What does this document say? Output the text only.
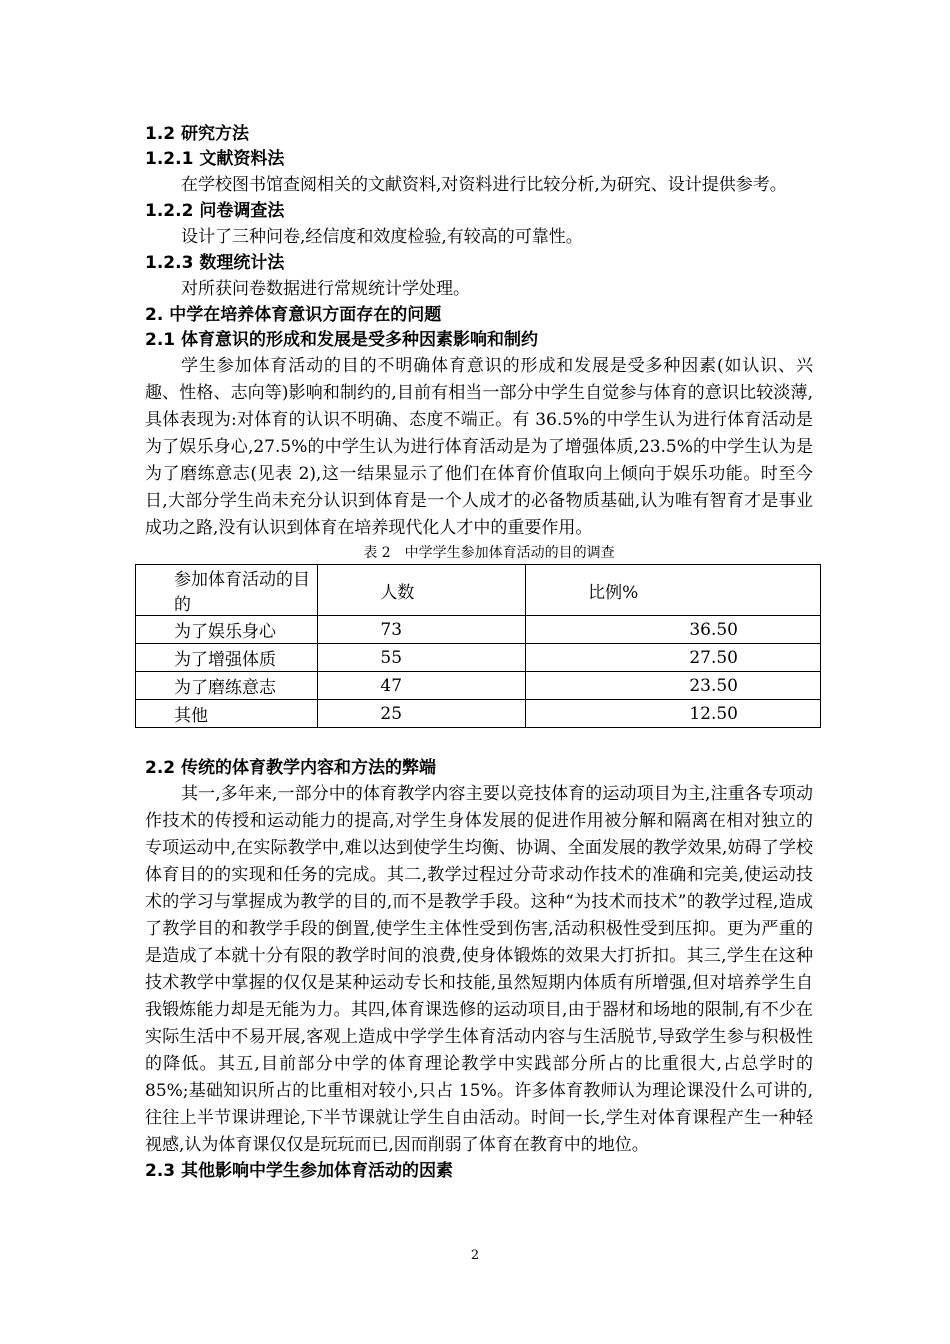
1.2 研究方法

1.2.1 文献资料法

在学校图书馆查阅相关的文献资料,对资料进行比较分析,为研究、设计提供参考。

1.2.2 问卷调查法

设计了三种问卷,经信度和效度检验,有较高的可靠性。

1.2.3 数理统计法

对所获问卷数据进行常规统计学处理。

2. 中学在培养体育意识方面存在的问题

2.1 体育意识的形成和发展是受多种因素影响和制约

学生参加体育活动的目的不明确体育意识的形成和发展是受多种因素(如认识、兴趣、性格、志向等)影响和制约的,目前有相当一部分中学生自觉参与体育的意识比较淡薄,具体表现为:对体育的认识不明确、态度不端正。有 36.5%的中学生认为进行体育活动是为了娱乐身心,27.5%的中学生认为进行体育活动是为了增强体质,23.5%的中学生认为是为了磨练意志(见表 2),这一结果显示了他们在体育价值取向上倾向于娱乐功能。时至今日,大部分学生尚未充分认识到体育是一个人成才的必备物质基础,认为唯有智育才是事业成功之路,没有认识到体育在培养现代化人才中的重要作用。

表 2　中学学生参加体育活动的目的调查

参加体育活动的目的	人数	比例%
为了娱乐身心	73	36.50
为了增强体质	55	27.50
为了磨练意志	47	23.50
其他	25	12.50

2.2 传统的体育教学内容和方法的弊端

其一,多年来,一部分中的体育教学内容主要以竞技体育的运动项目为主,注重各专项动作技术的传授和运动能力的提高,对学生身体发展的促进作用被分解和隔离在相对独立的专项运动中,在实际教学中,难以达到使学生均衡、协调、全面发展的教学效果,妨碍了学校体育目的的实现和任务的完成。其二,教学过程过分苛求动作技术的准确和完美,使运动技术的学习与掌握成为教学的目的,而不是教学手段。这种“为技术而技术”的教学过程,造成了教学目的和教学手段的倒置,使学生主体性受到伤害,活动积极性受到压抑。更为严重的是造成了本就十分有限的教学时间的浪费,使身体锻炼的效果大打折扣。其三,学生在这种技术教学中掌握的仅仅是某种运动专长和技能,虽然短期内体质有所增强,但对培养学生自我锻炼能力却是无能为力。其四,体育课选修的运动项目,由于器材和场地的限制,有不少在实际生活中不易开展,客观上造成中学学生体育活动内容与生活脱节,导致学生参与积极性的降低。其五,目前部分中学的体育理论教学中实践部分所占的比重很大,占总学时的 85%;基础知识所占的比重相对较小,只占 15%。许多体育教师认为理论课没什么可讲的,往往上半节课讲理论,下半节课就让学生自由活动。时间一长,学生对体育课程产生一种轻视感,认为体育课仅仅是玩玩而已,因而削弱了体育在教育中的地位。

2.3 其他影响中学生参加体育活动的因素

2
